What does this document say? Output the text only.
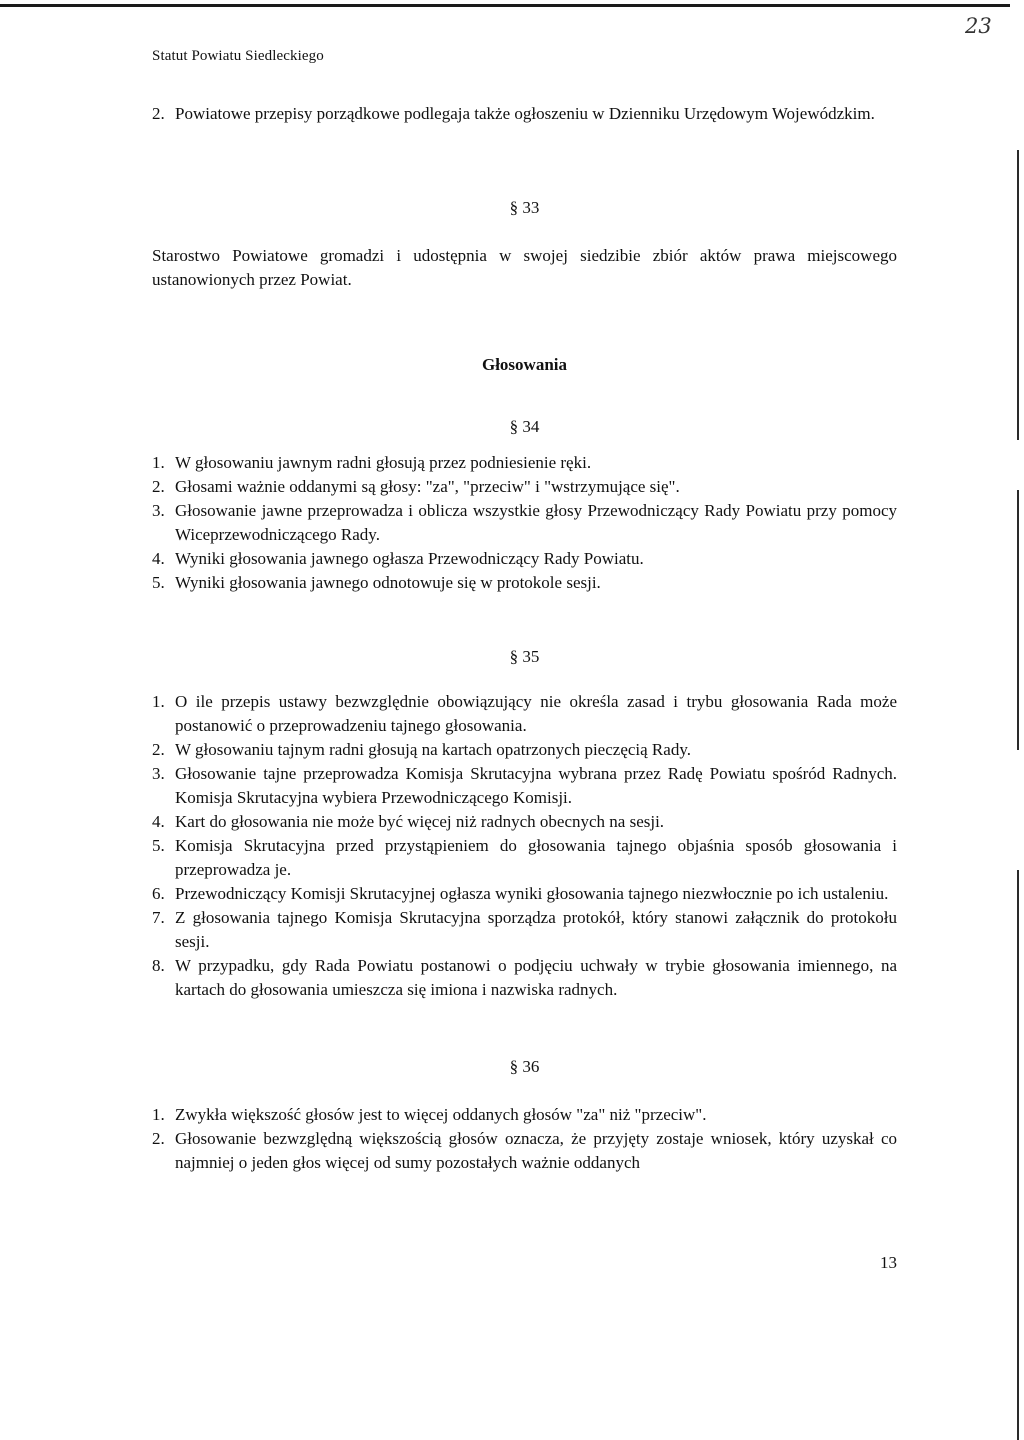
23
Statut Powiatu Siedleckiego
2. Powiatowe przepisy porządkowe podlegaja także ogłoszeniu w Dzienniku Urzędowym Wojewódzkim.
§ 33
Starostwo Powiatowe gromadzi i udostępnia w swojej siedzibie zbiór aktów prawa miejscowego ustanowionych przez Powiat.
Głosowania
§ 34
1. W głosowaniu jawnym radni głosują przez podniesienie ręki.
2. Głosami ważnie oddanymi są głosy: "za", "przeciw" i "wstrzymujące się".
3. Głosowanie jawne przeprowadza i oblicza wszystkie głosy Przewodniczący Rady Powiatu przy pomocy Wiceprzewodniczącego Rady.
4. Wyniki głosowania jawnego ogłasza Przewodniczący Rady Powiatu.
5. Wyniki głosowania jawnego odnotowuje się w protokole sesji.
§ 35
1. O ile przepis ustawy bezwzględnie obowiązujący nie określa zasad i trybu głosowania Rada może postanowić o przeprowadzeniu tajnego głosowania.
2. W głosowaniu tajnym radni głosują na kartach opatrzonych pieczęcią Rady.
3. Głosowanie tajne przeprowadza Komisja Skrutacyjna wybrana przez Radę Powiatu spośród Radnych. Komisja Skrutacyjna wybiera Przewodniczącego Komisji.
4. Kart do głosowania nie może być więcej niż radnych obecnych na sesji.
5. Komisja Skrutacyjna przed przystąpieniem do głosowania tajnego objaśnia sposób głosowania i przeprowadza je.
6. Przewodniczący Komisji Skrutacyjnej ogłasza wyniki głosowania tajnego niezwłocznie po ich ustaleniu.
7. Z głosowania tajnego Komisja Skrutacyjna sporządza protokół, który stanowi załącznik do protokołu sesji.
8. W przypadku, gdy Rada Powiatu postanowi o podjęciu uchwały w trybie głosowania imiennego, na kartach do głosowania umieszcza się imiona i nazwiska radnych.
§ 36
1. Zwykła większość głosów jest to więcej oddanych głosów "za" niż "przeciw".
2. Głosowanie bezwzględną większością głosów oznacza, że przyjęty zostaje wniosek, który uzyskał co najmniej o jeden głos więcej od sumy pozostałych ważnie oddanych
13
